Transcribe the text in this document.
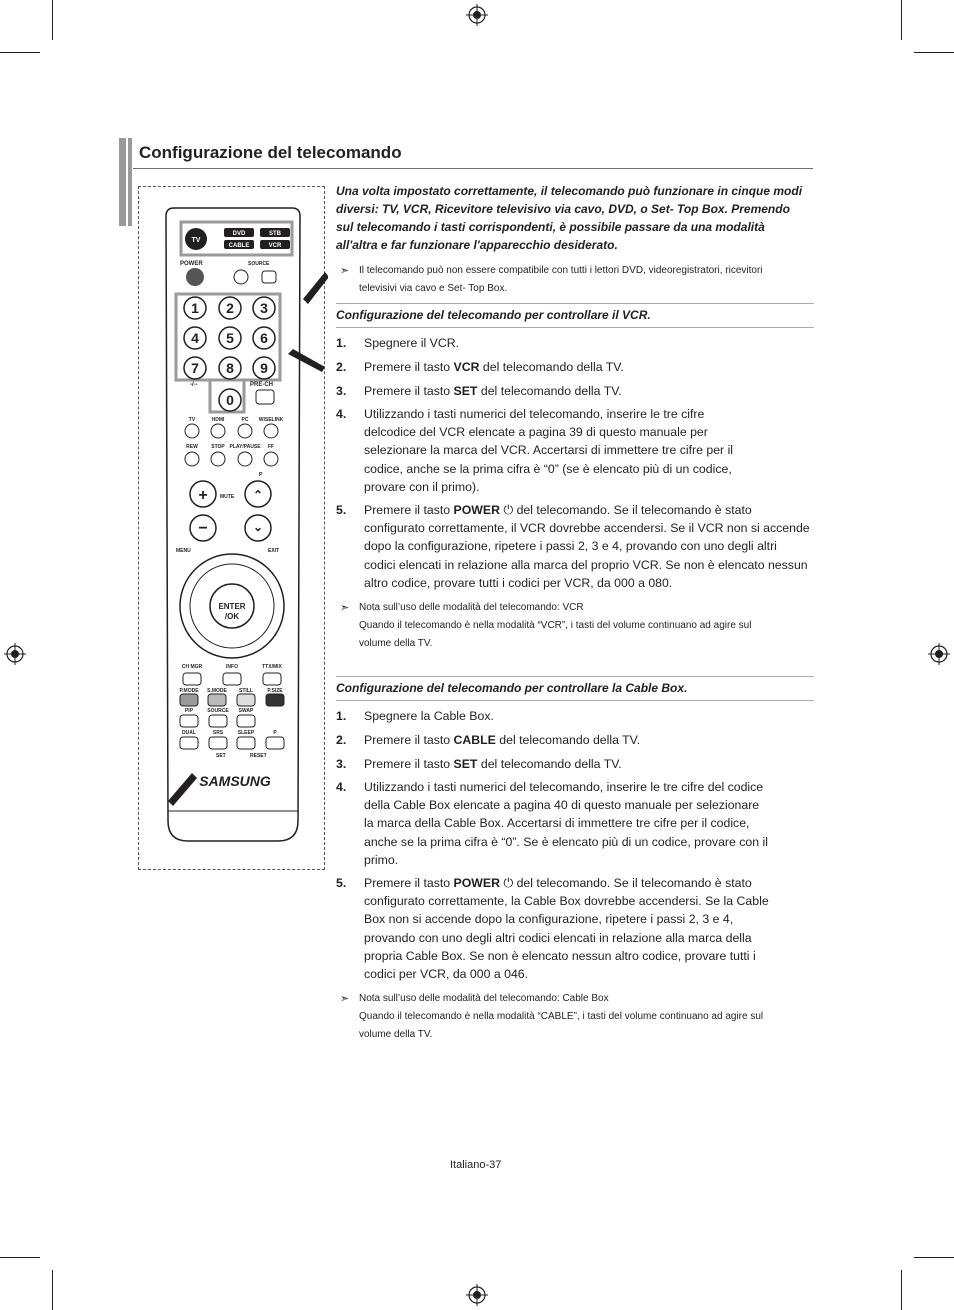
Configurazione del telecomando
TV
DVD	STB
CABLE	VCR
POWER	SOURCE
1 2 3
4 5 6
7 8 9
0
-/--	PRE-CH
TV	HDMI	PC WISELINK
REW	STOP PLAY/PAUSE FF
MUTE
P
+
−
⌃
⌄
MENU	EXIT
ENTER
/OK
CH MGR	INFO	TTX/MIX
P.MODE S.MODE STILL	P.SIZE
PIP	SOURCE SWAP
DUAL	SRS	SLEEP	P
SET	RESET
SAMSUNG
Una volta impostato correttamente, il telecomando può funzionare in cinque modi diversi: TV, VCR, Ricevitore televisivo via cavo, DVD, o Set- Top Box. Premendo sul telecomando i tasti corrispondenti, è possibile passare da una modalità all'altra e far funzionare l'apparecchio desiderato.
➣ Il telecomando può non essere compatibile con tutti i lettori DVD, videoregistratori, ricevitori
televisivi via cavo e Set- Top Box.
Configurazione del telecomando per controllare il VCR.
1. Spegnere il VCR.
2. Premere il tasto VCR del telecomando della TV.
3. Premere il tasto SET del telecomando della TV.
4. Utilizzando i tasti numerici del telecomando, inserire le tre cifre
delcodice del VCR elencate a pagina 39 di questo manuale per
selezionare la marca del VCR. Accertarsi di immettere tre cifre per il
codice, anche se la prima cifra è “0” (se è elencato più di un codice,
provare con il primo).
5. Premere il tasto POWER ⏻ del telecomando. Se il telecomando è stato
configurato correttamente, il VCR dovrebbe accendersi. Se il VCR non si accende
dopo la configurazione, ripetere i passi 2, 3 e 4, provando con uno degli altri
codici elencati in relazione alla marca del proprio VCR. Se non è elencato nessun
altro codice, provare tutti i codici per VCR, da 000 a 080.
➣ Nota sull’uso delle modalità del telecomando: VCR
Quando il telecomando è nella modalità “VCR”, i tasti del volume continuano ad agire sul
volume della TV.
Configurazione del telecomando per controllare la Cable Box.
1. Spegnere la Cable Box.
2. Premere il tasto CABLE del telecomando della TV.
3. Premere il tasto SET del telecomando della TV.
4. Utilizzando i tasti numerici del telecomando, inserire le tre cifre del codice
della Cable Box elencate a pagina 40 di questo manuale per selezionare
la marca della Cable Box. Accertarsi di immettere tre cifre per il codice,
anche se la prima cifra è “0”. Se è elencato più di un codice, provare con il
primo.
5. Premere il tasto POWER ⏻ del telecomando. Se il telecomando è stato
configurato correttamente, la Cable Box dovrebbe accendersi. Se la Cable
Box non si accende dopo la configurazione, ripetere i passi 2, 3 e 4,
provando con uno degli altri codici elencati in relazione alla marca della
propria Cable Box. Se non è elencato nessun altro codice, provare tutti i
codici per VCR, da 000 a 046.
➣ Nota sull’uso delle modalità del telecomando: Cable Box
Quando il telecomando è nella modalità “CABLE”, i tasti del volume continuano ad agire sul
volume della TV.
Italiano-37
